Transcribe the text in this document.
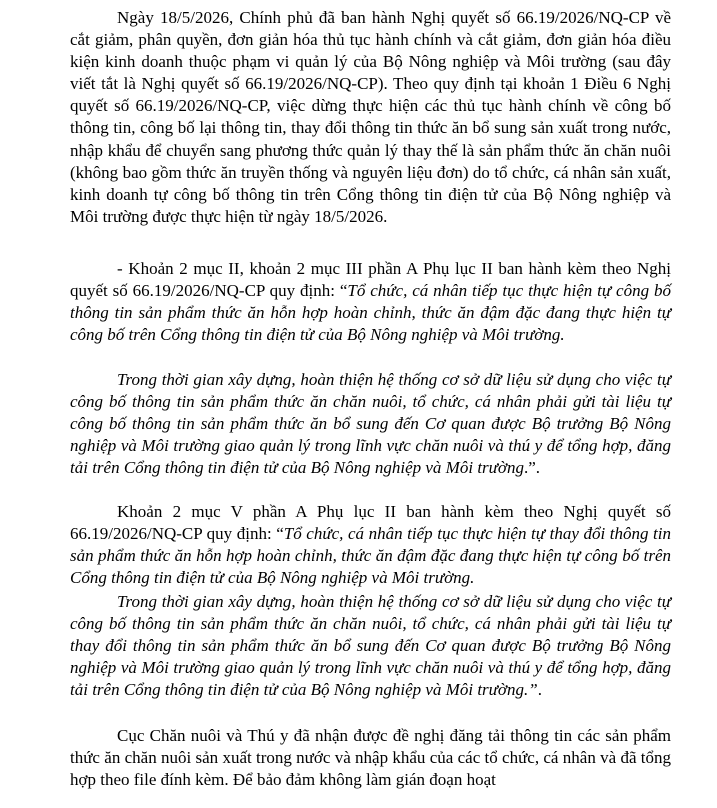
Ngày 18/5/2026, Chính phủ đã ban hành Nghị quyết số 66.19/2026/NQ-CP về cắt giảm, phân quyền, đơn giản hóa thủ tục hành chính và cắt giảm, đơn giản hóa điều kiện kinh doanh thuộc phạm vi quản lý của Bộ Nông nghiệp và Môi trường (sau đây viết tắt là Nghị quyết số 66.19/2026/NQ-CP). Theo quy định tại khoản 1 Điều 6 Nghị quyết số 66.19/2026/NQ-CP, việc dừng thực hiện các thủ tục hành chính về công bố thông tin, công bố lại thông tin, thay đổi thông tin thức ăn bổ sung sản xuất trong nước, nhập khẩu để chuyển sang phương thức quản lý thay thế là sản phẩm thức ăn chăn nuôi (không bao gồm thức ăn truyền thống và nguyên liệu đơn) do tổ chức, cá nhân sản xuất, kinh doanh tự công bố thông tin trên Cổng thông tin điện tử của Bộ Nông nghiệp và Môi trường được thực hiện từ ngày 18/5/2026.

- Khoản 2 mục II, khoản 2 mục III phần A Phụ lục II ban hành kèm theo Nghị quyết số 66.19/2026/NQ-CP quy định: “Tổ chức, cá nhân tiếp tục thực hiện tự công bố thông tin sản phẩm thức ăn hỗn hợp hoàn chỉnh, thức ăn đậm đặc đang thực hiện tự công bố trên Cổng thông tin điện tử của Bộ Nông nghiệp và Môi trường.

Trong thời gian xây dựng, hoàn thiện hệ thống cơ sở dữ liệu sử dụng cho việc tự công bố thông tin sản phẩm thức ăn chăn nuôi, tổ chức, cá nhân phải gửi tài liệu tự công bố thông tin sản phẩm thức ăn bổ sung đến Cơ quan được Bộ trưởng Bộ Nông nghiệp và Môi trường giao quản lý trong lĩnh vực chăn nuôi và thú y để tổng hợp, đăng tải trên Cổng thông tin điện tử của Bộ Nông nghiệp và Môi trường.”.

Khoản 2 mục V phần A Phụ lục II ban hành kèm theo Nghị quyết số 66.19/2026/NQ-CP quy định: “Tổ chức, cá nhân tiếp tục thực hiện tự thay đổi thông tin sản phẩm thức ăn hỗn hợp hoàn chỉnh, thức ăn đậm đặc đang thực hiện tự công bố trên Cổng thông tin điện tử của Bộ Nông nghiệp và Môi trường.

Trong thời gian xây dựng, hoàn thiện hệ thống cơ sở dữ liệu sử dụng cho việc tự công bố thông tin sản phẩm thức ăn chăn nuôi, tổ chức, cá nhân phải gửi tài liệu tự thay đổi thông tin sản phẩm thức ăn bổ sung đến Cơ quan được Bộ trưởng Bộ Nông nghiệp và Môi trường giao quản lý trong lĩnh vực chăn nuôi và thú y để tổng hợp, đăng tải trên Cổng thông tin điện tử của Bộ Nông nghiệp và Môi trường.”.

Cục Chăn nuôi và Thú y đã nhận được đề nghị đăng tải thông tin các sản phẩm thức ăn chăn nuôi sản xuất trong nước và nhập khẩu của các tổ chức, cá nhân và đã tổng hợp theo file đính kèm. Để bảo đảm không làm gián đoạn hoạt
